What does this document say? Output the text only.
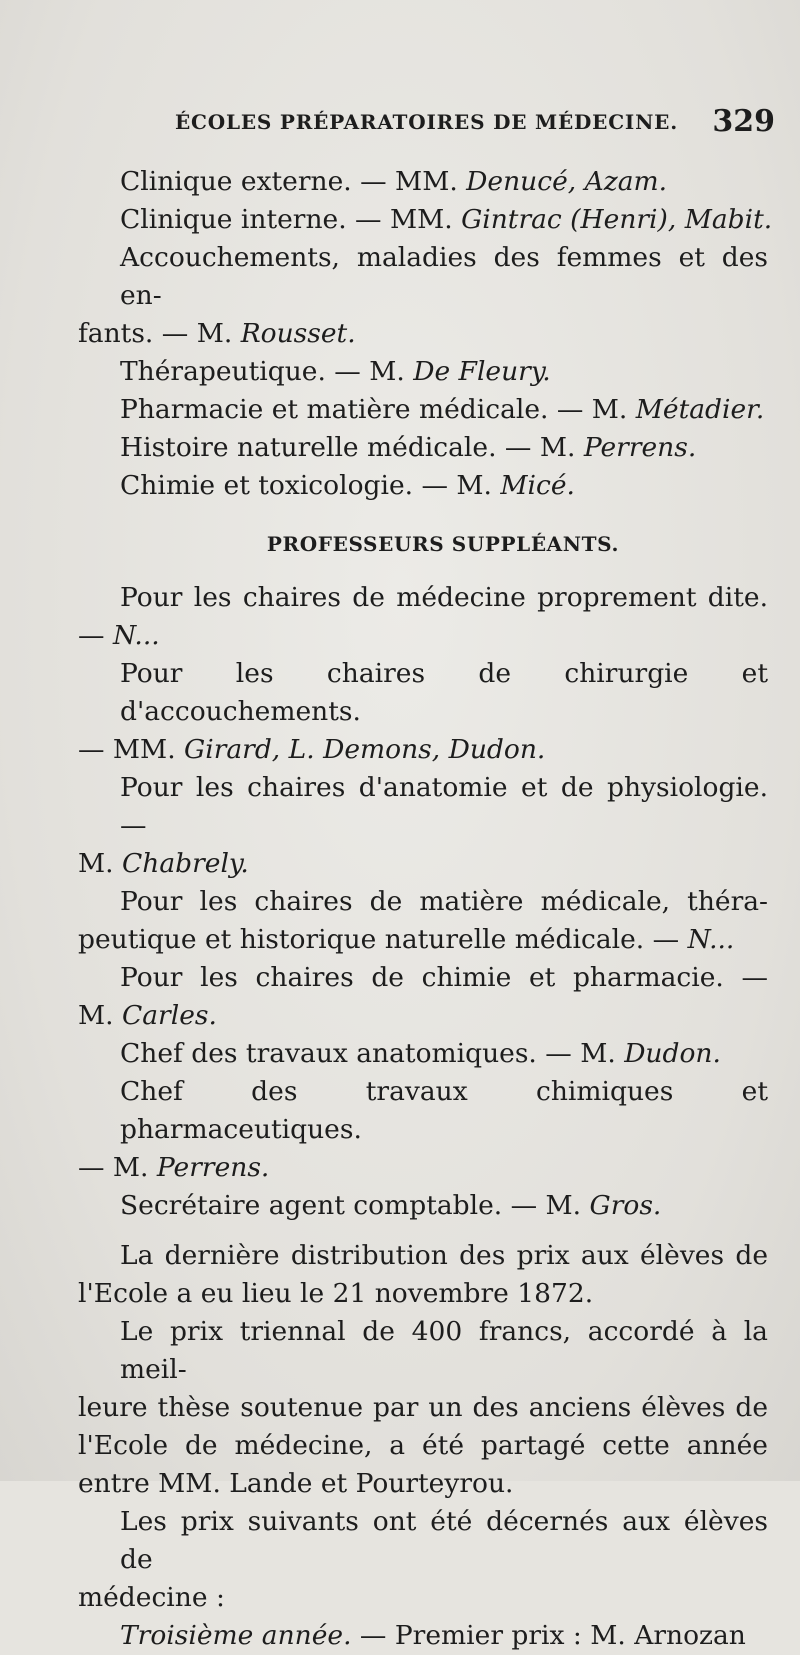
ÉCOLES PRÉPARATOIRES DE MÉDECINE. 329
Clinique externe. — MM. Denucé, Azam.
Clinique interne. — MM. Gintrac (Henri), Mabit.
Accouchements, maladies des femmes et des en-
fants. — M. Rousset.
Thérapeutique. — M. De Fleury.
Pharmacie et matière médicale. — M. Métadier.
Histoire naturelle médicale. — M. Perrens.
Chimie et toxicologie. — M. Micé.
PROFESSEURS SUPPLÉANTS.
Pour les chaires de médecine proprement dite.
— N...
Pour les chaires de chirurgie et d'accouchements.
— MM. Girard, L. Demons, Dudon.
Pour les chaires d'anatomie et de physiologie. —
M. Chabrely.
Pour les chaires de matière médicale, théra-
peutique et historique naturelle médicale. — N...
Pour les chaires de chimie et pharmacie. —
M. Carles.
Chef des travaux anatomiques. — M. Dudon.
Chef des travaux chimiques et pharmaceutiques.
— M. Perrens.
Secrétaire agent comptable. — M. Gros.
La dernière distribution des prix aux élèves de
l'Ecole a eu lieu le 21 novembre 1872.
Le prix triennal de 400 francs, accordé à la meil-
leure thèse soutenue par un des anciens élèves de
l'Ecole de médecine, a été partagé cette année
entre MM. Lande et Pourteyrou.
Les prix suivants ont été décernés aux élèves de
médecine :
Troisième année. — Premier prix : M. Arnozan
